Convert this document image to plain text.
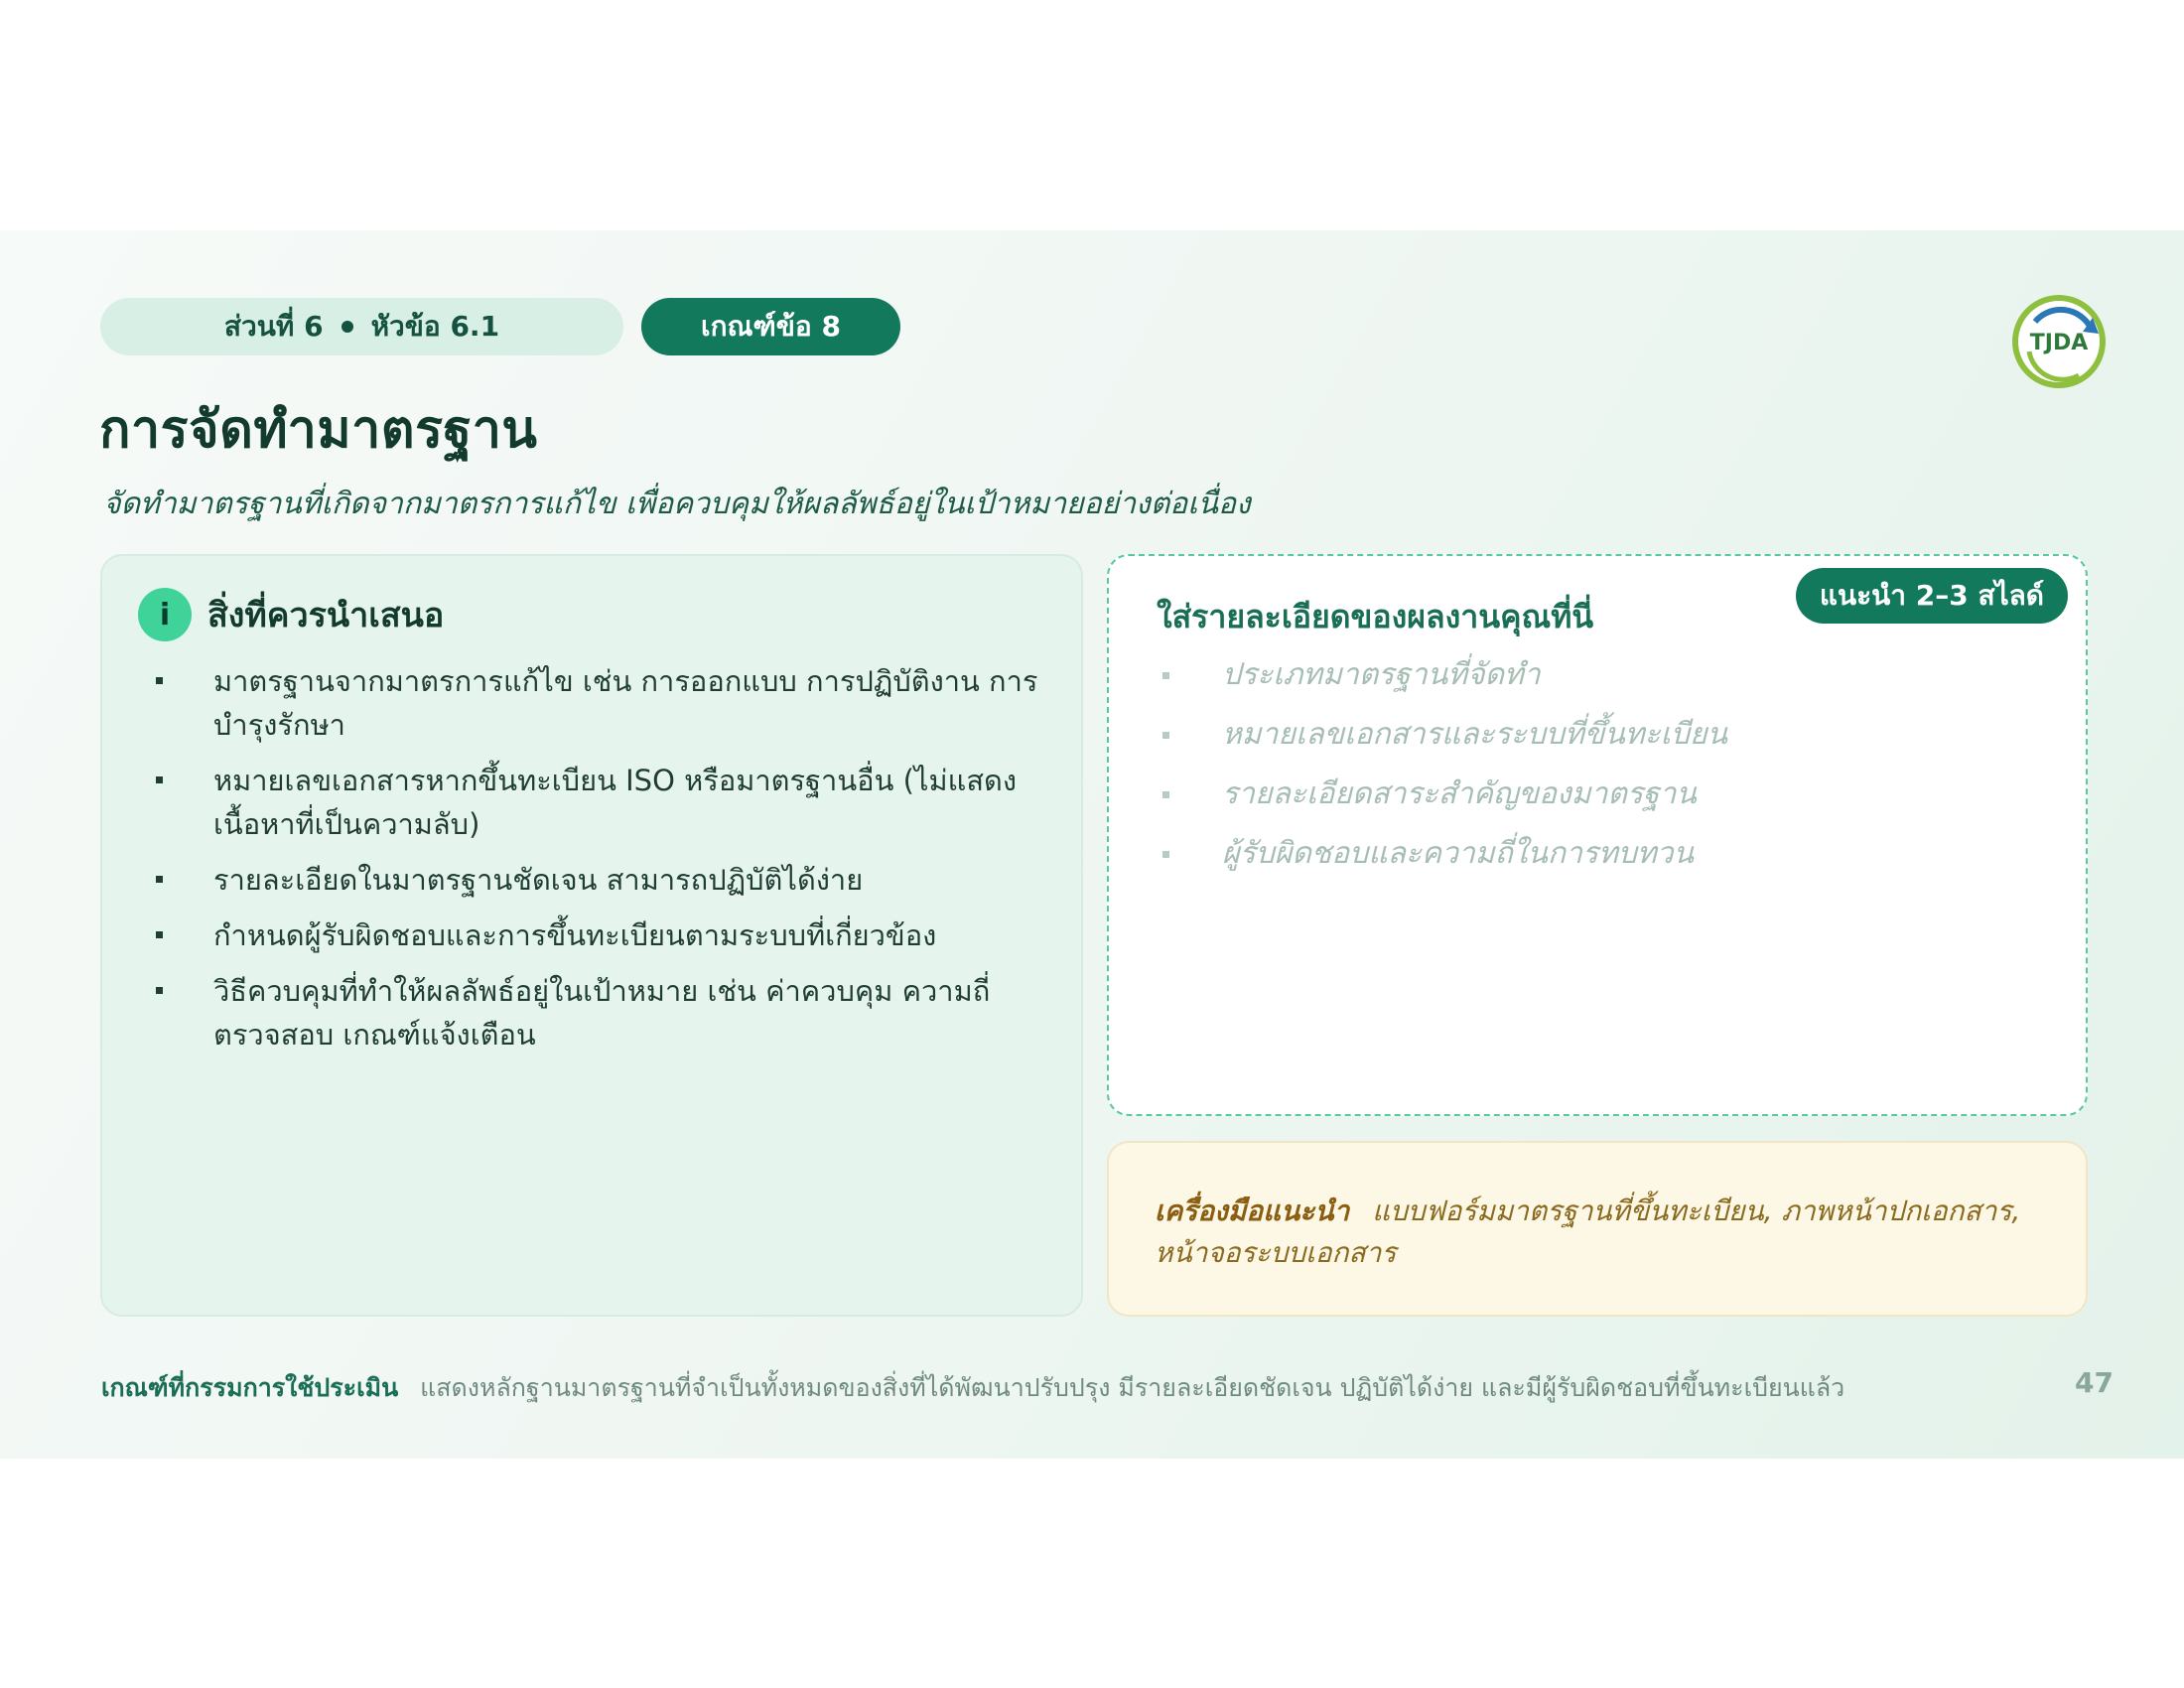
ส่วนที่ 6 หัวข้อ 6.1	เกณฑ์ข้อ 8
TJDA
การจัดทำมาตรฐาน

จัดทำมาตรฐานที่เกิดจากมาตรการแก้ไข เพื่อควบคุมให้ผลลัพธ์อยู่ในเป้าหมายอย่างต่อเนื่อง

i	สิ่งที่ควรนำเสนอ
มาตรฐานจากมาตรการแก้ไข เช่น การออกแบบ การปฏิบัติงาน การบำรุงรักษา
หมายเลขเอกสารหากขึ้นทะเบียน ISO หรือมาตรฐานอื่น (ไม่แสดงเนื้อหาที่เป็นความลับ)
รายละเอียดในมาตรฐานชัดเจน สามารถปฏิบัติได้ง่าย
กำหนดผู้รับผิดชอบและการขึ้นทะเบียนตามระบบที่เกี่ยวข้อง
วิธีควบคุมที่ทำให้ผลลัพธ์อยู่ในเป้าหมาย เช่น ค่าควบคุม ความถี่ตรวจสอบ เกณฑ์แจ้งเตือน
ใส่รายละเอียดของผลงานคุณที่นี่
แนะนำ 2–3 สไลด์
ประเภทมาตรฐานที่จัดทำ
หมายเลขเอกสารและระบบที่ขึ้นทะเบียน
รายละเอียดสาระสำคัญของมาตรฐาน
ผู้รับผิดชอบและความถี่ในการทบทวน
เครื่องมือแนะนำ แบบฟอร์มมาตรฐานที่ขึ้นทะเบียน, ภาพหน้าปกเอกสาร, หน้าจอระบบเอกสาร
เกณฑ์ที่กรรมการใช้ประเมิน แสดงหลักฐานมาตรฐานที่จำเป็นทั้งหมดของสิ่งที่ได้พัฒนาปรับปรุง มีรายละเอียดชัดเจน ปฏิบัติได้ง่าย และมีผู้รับผิดชอบที่ขึ้นทะเบียนแล้ว	47
